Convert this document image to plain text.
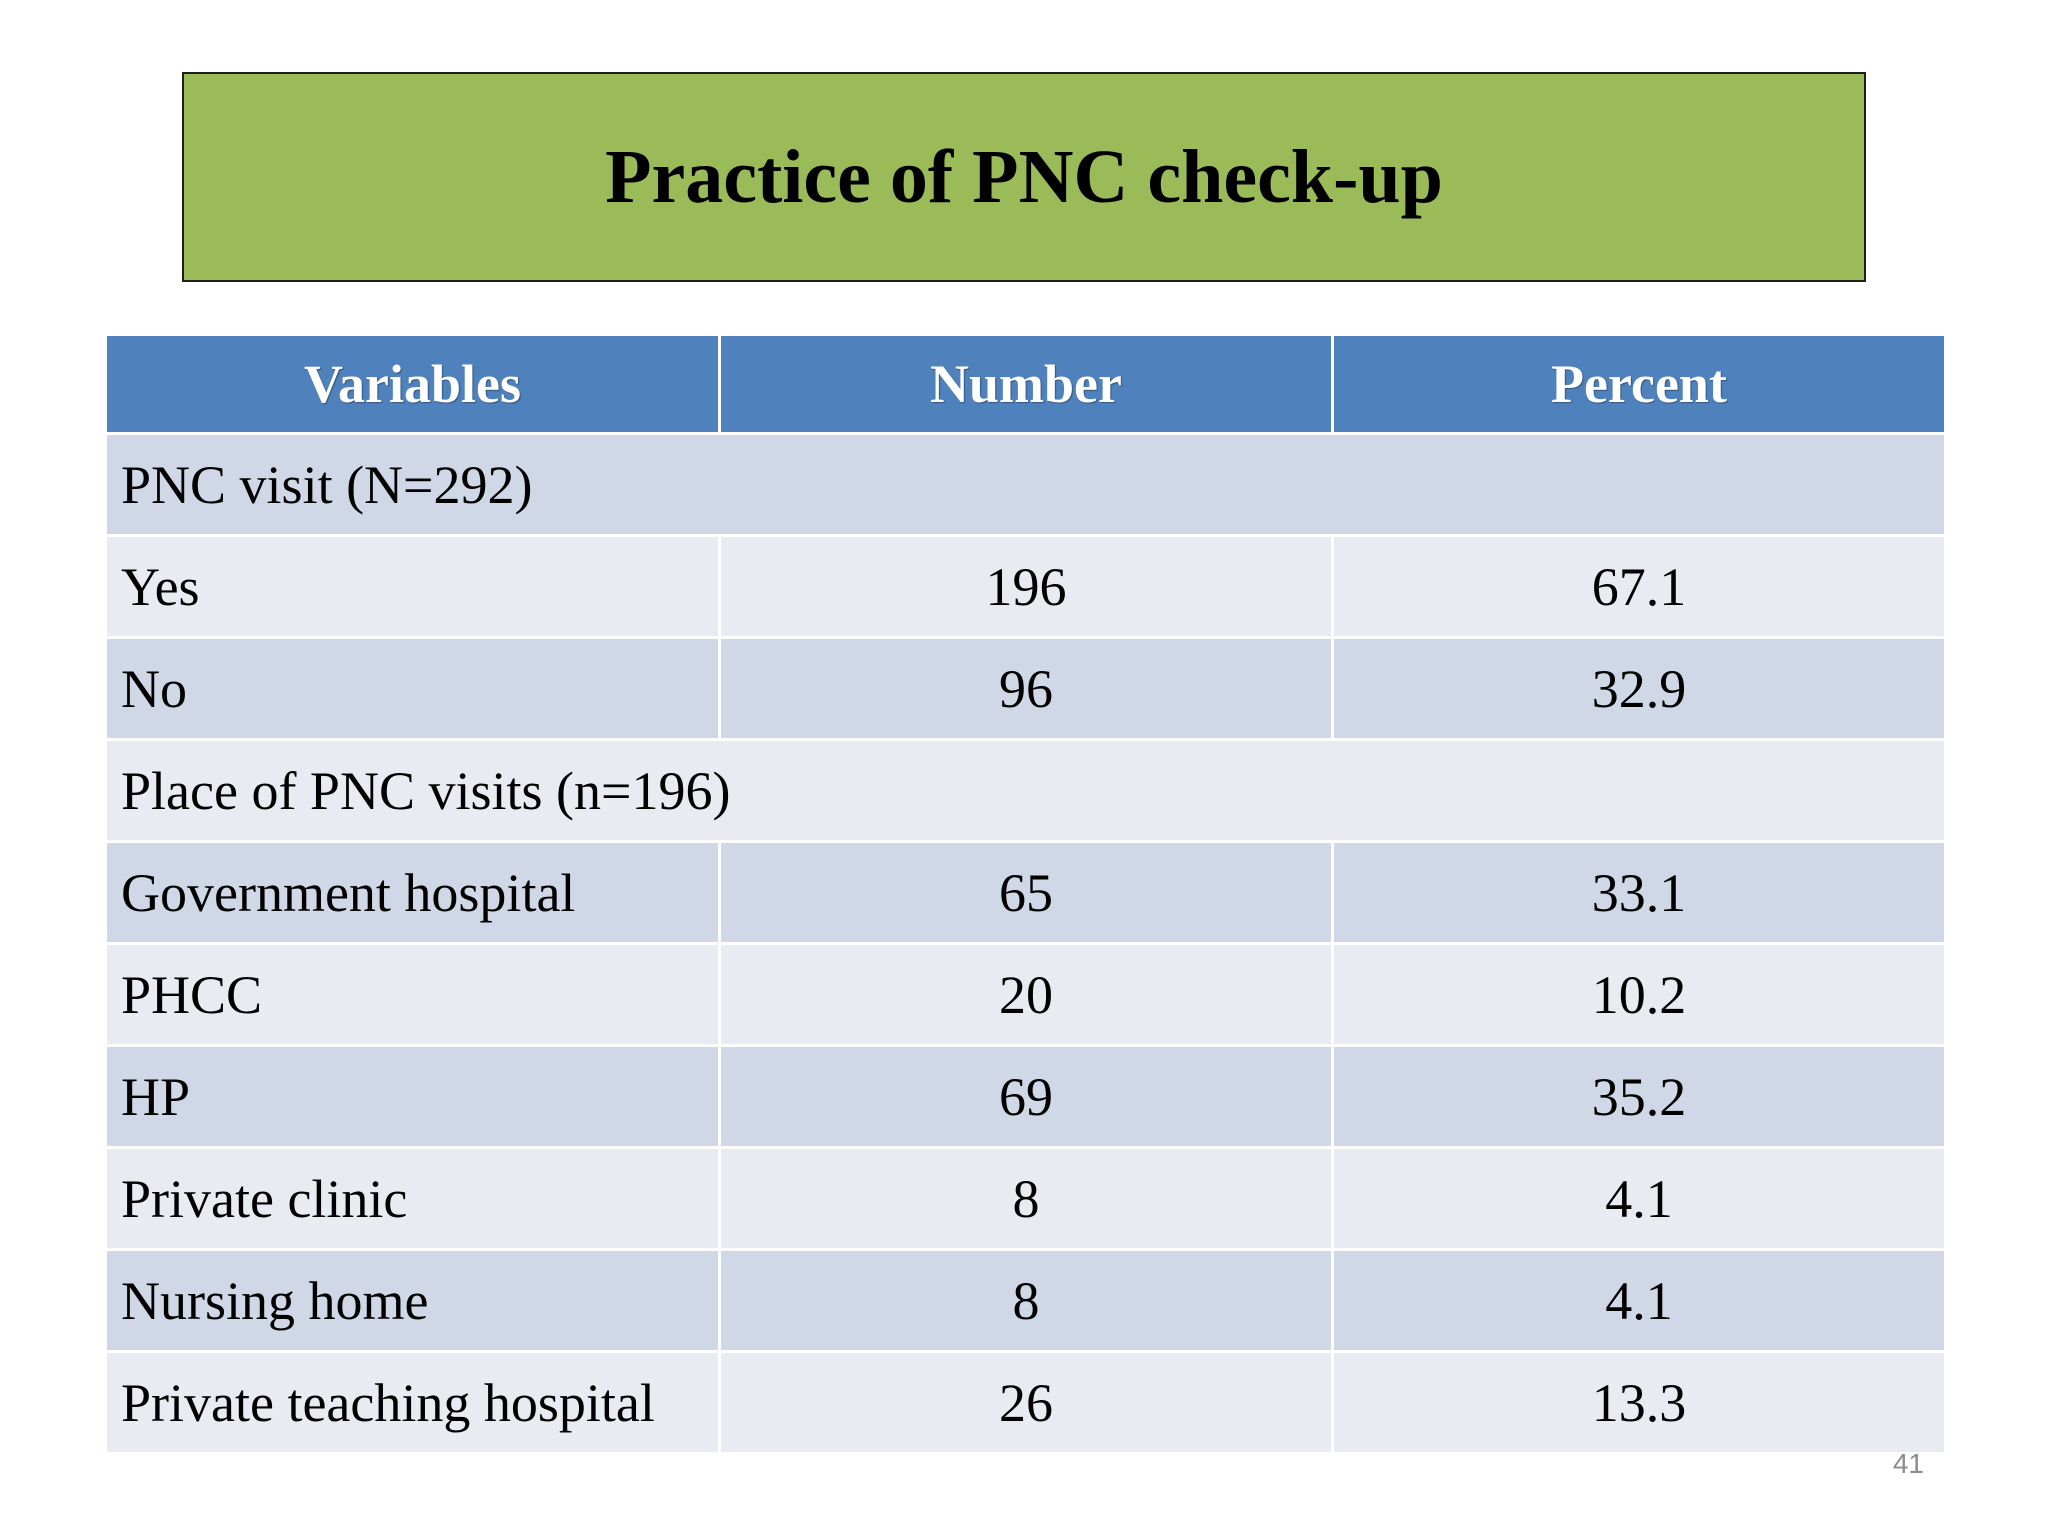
Practice of PNC check-up
Variables	Number	Percent
PNC visit (N=292)		
Yes	196	67.1
No	96	32.9
Place of PNC visits (n=196)		
Government hospital	65	33.1
PHCC	20	10.2
HP	69	35.2
Private clinic	8	4.1
Nursing home	8	4.1
Private teaching hospital	26	13.3
41
